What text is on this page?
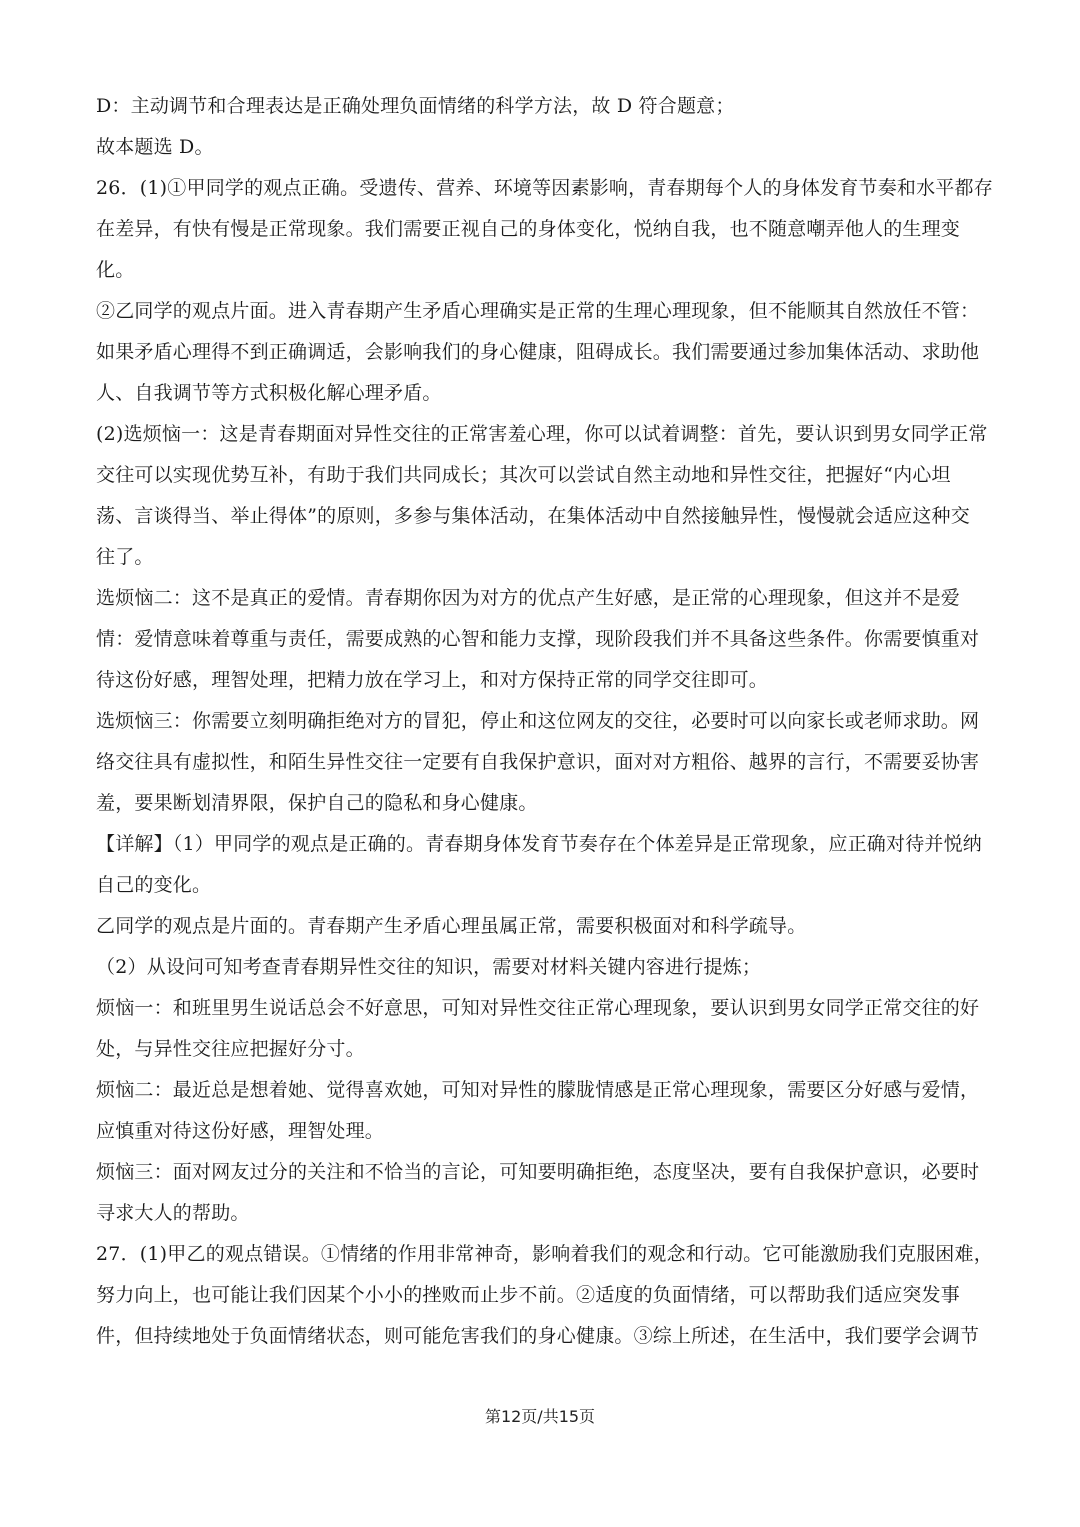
D：主动调节和合理表达是正确处理负面情绪的科学方法，故 D 符合题意；
故本题选 D。
26．(1)①甲同学的观点正确。受遗传、营养、环境等因素影响，青春期每个人的身体发育节奏和水平都存
在差异，有快有慢是正常现象。我们需要正视自己的身体变化，悦纳自我，也不随意嘲弄他人的生理变
化。
②乙同学的观点片面。进入青春期产生矛盾心理确实是正常的生理心理现象，但不能顺其自然放任不管：
如果矛盾心理得不到正确调适，会影响我们的身心健康，阻碍成长。我们需要通过参加集体活动、求助他
人、自我调节等方式积极化解心理矛盾。
(2)选烦恼一：这是青春期面对异性交往的正常害羞心理，你可以试着调整：首先，要认识到男女同学正常
交往可以实现优势互补，有助于我们共同成长；其次可以尝试自然主动地和异性交往，把握好“内心坦
荡、言谈得当、举止得体”的原则，多参与集体活动，在集体活动中自然接触异性，慢慢就会适应这种交
往了。
选烦恼二：这不是真正的爱情。青春期你因为对方的优点产生好感，是正常的心理现象，但这并不是爱
情：爱情意味着尊重与责任，需要成熟的心智和能力支撑，现阶段我们并不具备这些条件。你需要慎重对
待这份好感，理智处理，把精力放在学习上，和对方保持正常的同学交往即可。
选烦恼三：你需要立刻明确拒绝对方的冒犯，停止和这位网友的交往，必要时可以向家长或老师求助。网
络交往具有虚拟性，和陌生异性交往一定要有自我保护意识，面对对方粗俗、越界的言行，不需要妥协害
羞，要果断划清界限，保护自己的隐私和身心健康。
【详解】（1）甲同学的观点是正确的。青春期身体发育节奏存在个体差异是正常现象，应正确对待并悦纳
自己的变化。
乙同学的观点是片面的。青春期产生矛盾心理虽属正常，需要积极面对和科学疏导。
（2）从设问可知考查青春期异性交往的知识，需要对材料关键内容进行提炼；
烦恼一：和班里男生说话总会不好意思，可知对异性交往正常心理现象，要认识到男女同学正常交往的好
处，与异性交往应把握好分寸。
烦恼二：最近总是想着她、觉得喜欢她，可知对异性的朦胧情感是正常心理现象，需要区分好感与爱情，
应慎重对待这份好感，理智处理。
烦恼三：面对网友过分的关注和不恰当的言论，可知要明确拒绝，态度坚决，要有自我保护意识，必要时
寻求大人的帮助。
27．(1)甲乙的观点错误。①情绪的作用非常神奇，影响着我们的观念和行动。它可能激励我们克服困难，
努力向上，也可能让我们因某个小小的挫败而止步不前。②适度的负面情绪，可以帮助我们适应突发事
件，但持续地处于负面情绪状态，则可能危害我们的身心健康。③综上所述，在生活中，我们要学会调节
第12页/共15页
